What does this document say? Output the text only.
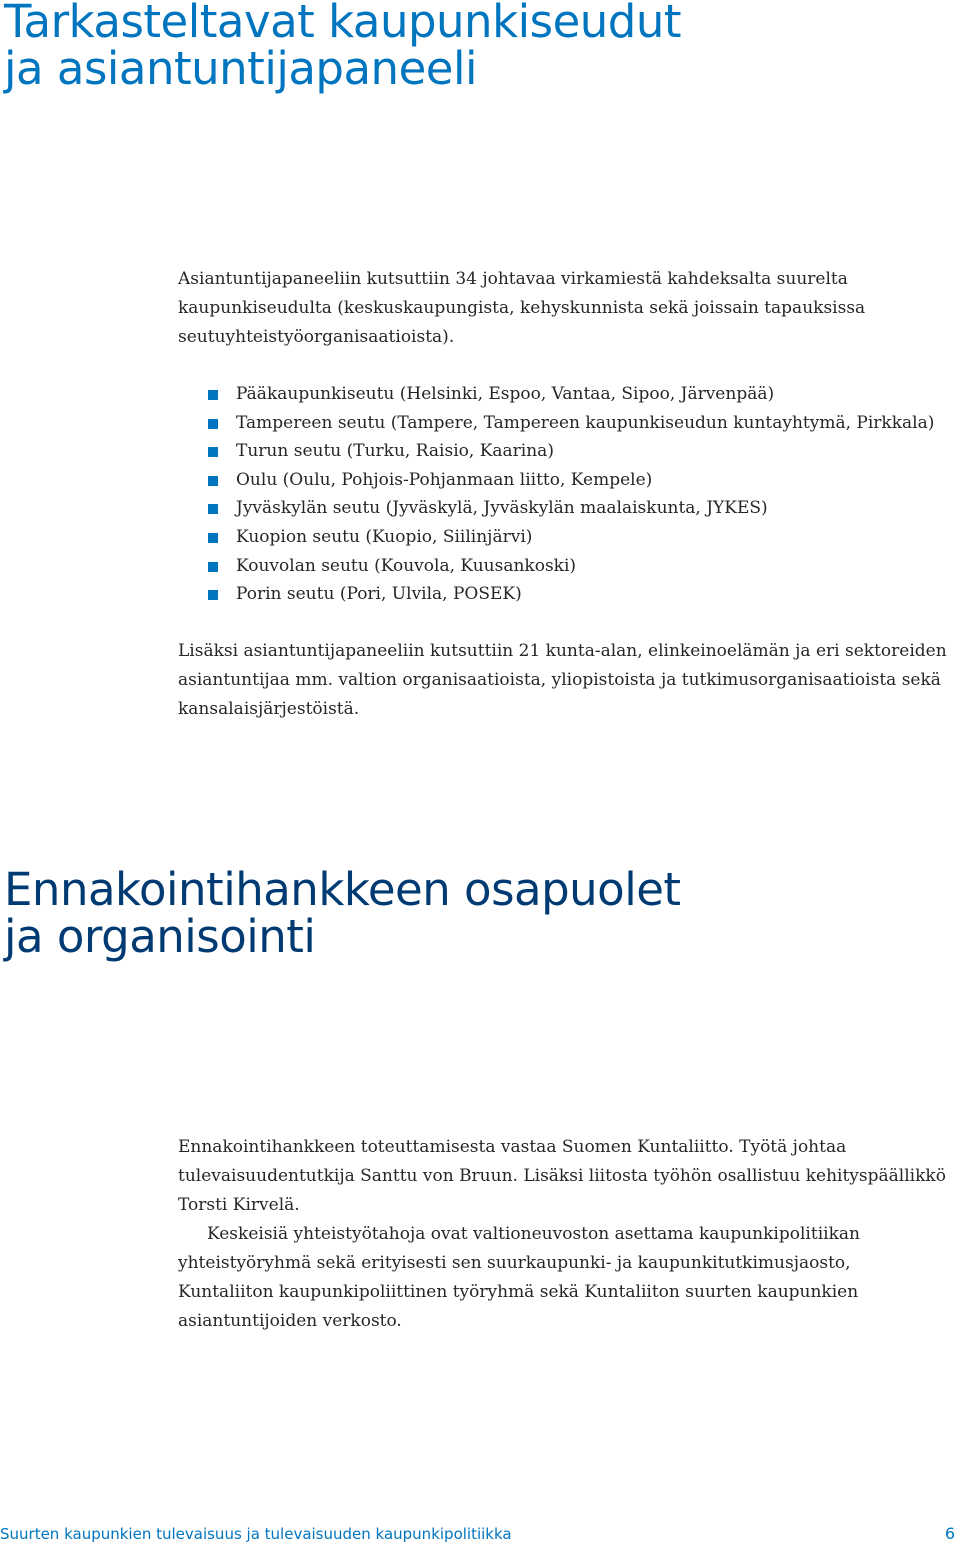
Tarkasteltavat kaupunkiseudut
ja asiantuntijapaneeli

Asiantuntijapaneeliin kutsuttiin 34 johtavaa virkamiestä kahdeksalta suurelta kaupunkiseudulta (keskuskaupungista, kehyskunnista sekä joissain tapauksissa seutuyhteistyöorganisaatioista).

Pääkaupunkiseutu (Helsinki, Espoo, Vantaa, Sipoo, Järvenpää)
Tampereen seutu (Tampere, Tampereen kaupunkiseudun kuntayhtymä, Pirkkala)
Turun seutu (Turku, Raisio, Kaarina)
Oulu (Oulu, Pohjois-Pohjanmaan liitto, Kempele)
Jyväskylän seutu (Jyväskylä, Jyväskylän maalaiskunta, JYKES)
Kuopion seutu (Kuopio, Siilinjärvi)
Kouvolan seutu (Kouvola, Kuusankoski)
Porin seutu (Pori, Ulvila, POSEK)

Lisäksi asiantuntijapaneeliin kutsuttiin 21 kunta-alan, elinkeinoelämän ja eri sektoreiden asiantuntijaa mm. valtion organisaatioista, yliopistoista ja tutkimusorganisaatioista sekä kansalaisjärjestöistä.

Ennakointihankkeen osapuolet
ja organisointi

Ennakointihankkeen toteuttamisesta vastaa Suomen Kuntaliitto. Työtä johtaa tulevaisuudentutkija Santtu von Bruun. Lisäksi liitosta työhön osallistuu kehityspäällikkö Torsti Kirvelä.

Keskeisiä yhteistyötahoja ovat valtioneuvoston asettama kaupunkipolitiikan yhteistyöryhmä sekä erityisesti sen suurkaupunki- ja kaupunkitutkimusjaosto, Kuntaliiton kaupunkipoliittinen työryhmä sekä Kuntaliiton suurten kaupunkien asiantuntijoiden verkosto.

Suurten kaupunkien tulevaisuus ja tulevaisuuden kaupunkipolitiikka	6
